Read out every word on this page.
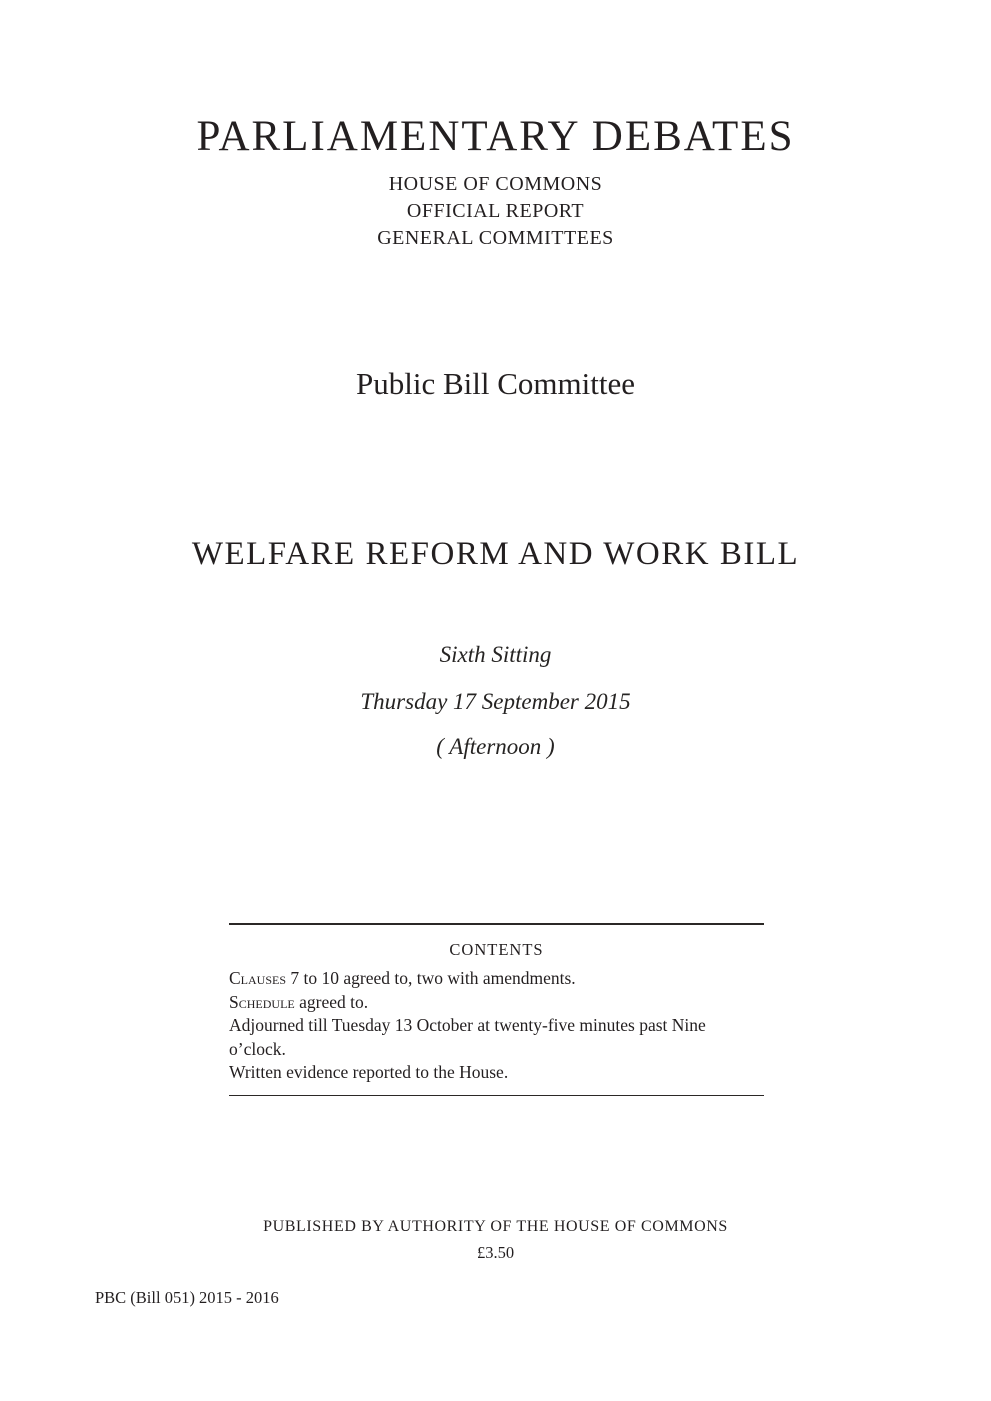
PARLIAMENTARY DEBATES
HOUSE OF COMMONS
OFFICIAL REPORT
GENERAL COMMITTEES
Public Bill Committee
WELFARE REFORM AND WORK BILL
Sixth Sitting
Thursday 17 September 2015
( Afternoon )
CONTENTS
Clauses 7 to 10 agreed to, two with amendments.
Schedule agreed to.
Adjourned till Tuesday 13 October at twenty-five minutes past Nine o’clock.
Written evidence reported to the House.
PUBLISHED BY AUTHORITY OF THE HOUSE OF COMMONS
£3.50
PBC (Bill 051) 2015 - 2016
